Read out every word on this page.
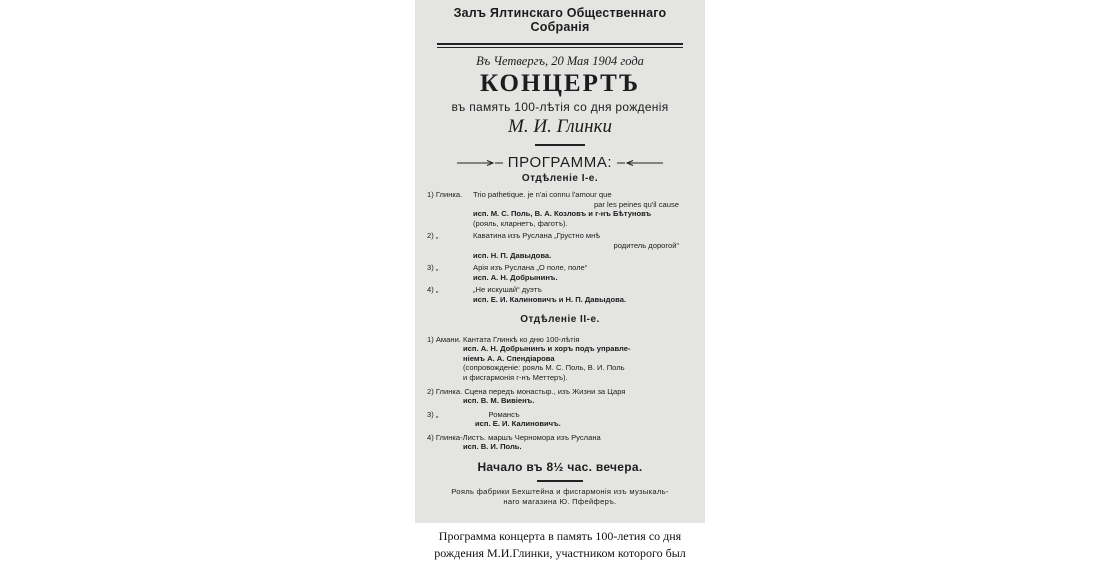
Залъ Ялтинскаго Общественнаго Собранія
Въ Четвергъ, 20 Мая 1904 года
КОНЦЕРТЪ
въ память 100-лѣтія со дня рожденія
М. И. Глинки
ПРОГРАММА:
Отдѣленіе I-е.
1) Глинка.	Trio pathetique. je n'ai connu l'amour que
par les peines qu'il cause
исп. М. С. Поль, В. А. Козловъ и г-нъ Бѣтуновъ
(рояль, кларнетъ, фаготъ).
2) „	Каватина изъ Руслана „Грустно мнѣ
родитель дорогой“
исп. Н. П. Давыдова.
3) „	Арія изъ Руслана „О поле, поле“
исп. А. Н. Добрынинъ.
4) „	„Не искушай“ дуэтъ
исп. Е. И. Калиновичъ и Н. П. Давыдова.
Отдѣленіе II-е.
1) Амани. Кантата Глинкѣ ко дню 100-лѣтія
исп. А. Н. Добрынинъ и хоръ подъ управле-
ніемъ А. А. Спендіарова
(сопровожденіе: рояль М. С. Поль, В. И. Поль
и фисгармонія г-нъ Меттеръ).
2) Глинка. Сцена передъ монастыр., изъ Жизни за Царя
исп. В. М. Вивіенъ.
3) „	Романсъ
исп. Е. И. Калиновичъ.
4) Глинка-Листъ. маршъ Черномора изъ Руслана
исп. В. И. Поль.
Начало въ 8½ час. вечера.
Рояль фабрики Бехштейна и фисгармонія изъ музыкаль-
наго магазина Ю. Пфейферъ.
Программа концерта в память 100-летия со дня
рождения М.И.Глинки, участником которого был
